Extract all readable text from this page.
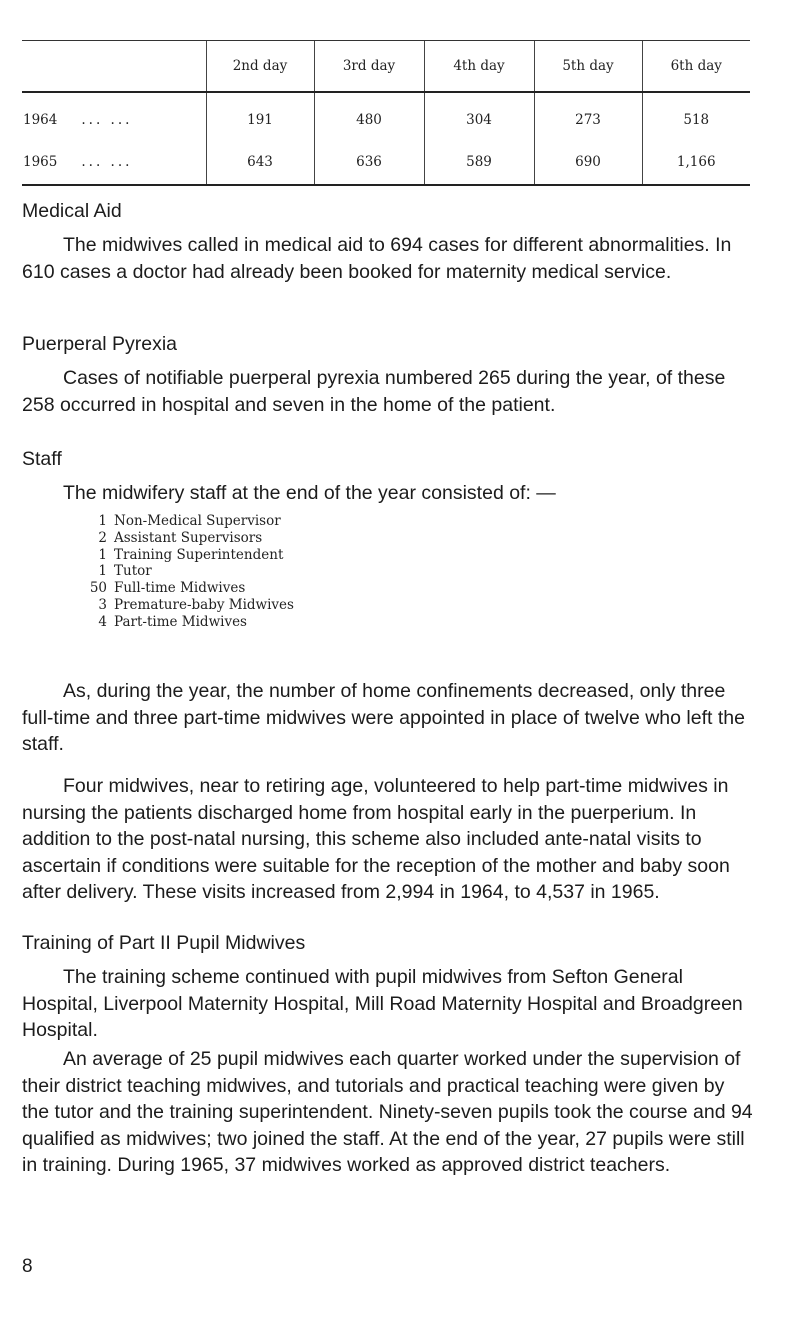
	2nd day	3rd day	4th day	5th day	6th day
1964 ... ...	191	480	304	273	518
1965 ... ...	643	636	589	690	1,166
Medical Aid

The midwives called in medical aid to 694 cases for different abnormalities. In 610 cases a doctor had already been booked for maternity medical service.

Puerperal Pyrexia

Cases of notifiable puerperal pyrexia numbered 265 during the year, of these 258 occurred in hospital and seven in the home of the patient.

Staff

The midwifery staff at the end of the year consisted of: —

1 Non-Medical Supervisor
2 Assistant Supervisors
1 Training Superintendent
1 Tutor
50 Full-time Midwives
3 Premature-baby Midwives
4 Part-time Midwives

As, during the year, the number of home confinements decreased, only three full-time and three part-time midwives were appointed in place of twelve who left the staff.

Four midwives, near to retiring age, volunteered to help part-time midwives in nursing the patients discharged home from hospital early in the puerperium. In addition to the post-natal nursing, this scheme also included ante-natal visits to ascertain if conditions were suitable for the reception of the mother and baby soon after delivery. These visits increased from 2,994 in 1964, to 4,537 in 1965.

Training of Part II Pupil Midwives

The training scheme continued with pupil midwives from Sefton General Hospital, Liverpool Maternity Hospital, Mill Road Maternity Hospital and Broadgreen Hospital.

An average of 25 pupil midwives each quarter worked under the supervision of their district teaching midwives, and tutorials and practical teaching were given by the tutor and the training superintendent. Ninety-seven pupils took the course and 94 qualified as midwives; two joined the staff. At the end of the year, 27 pupils were still in training. During 1965, 37 midwives worked as approved district teachers.

8
